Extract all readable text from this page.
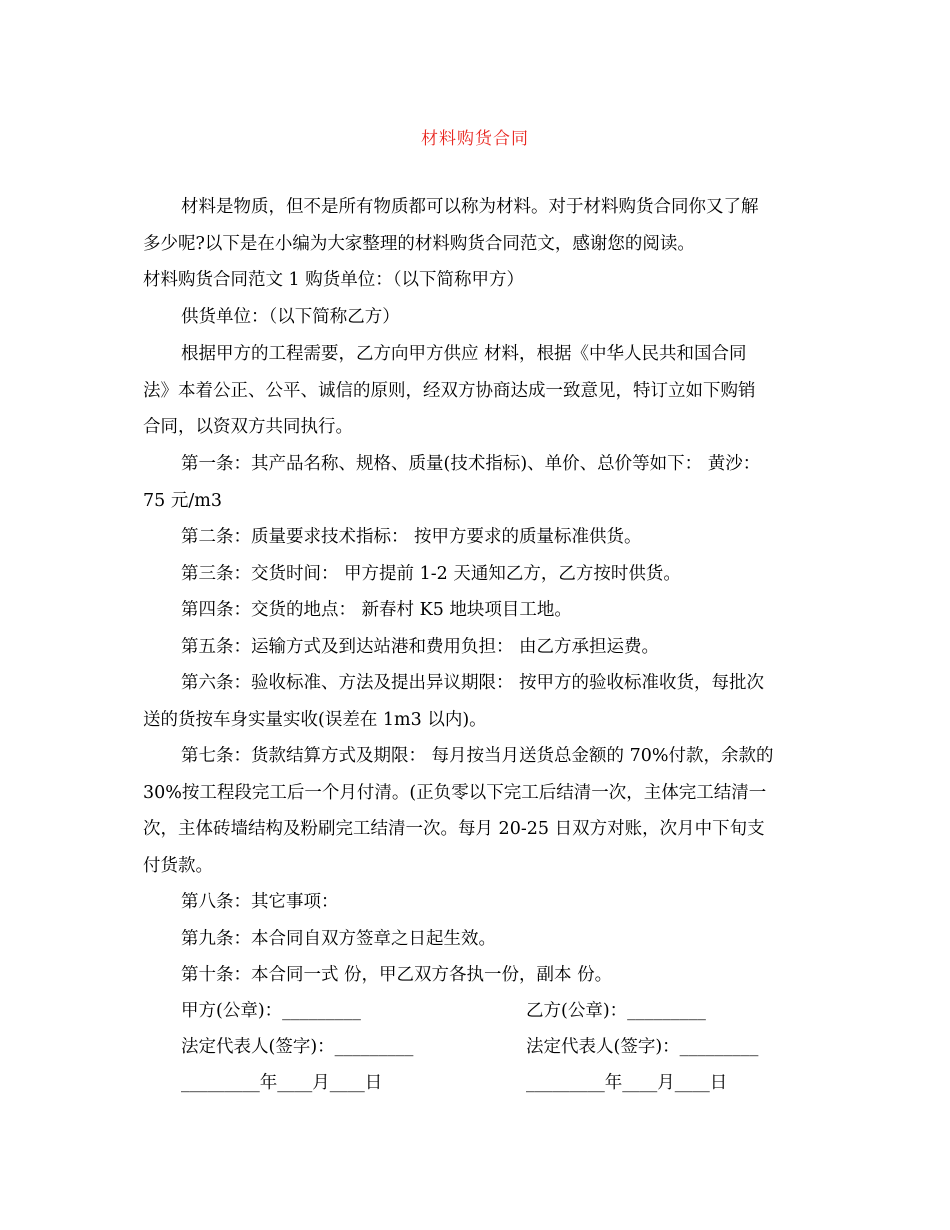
材料购货合同
材料是物质，但不是所有物质都可以称为材料。对于材料购货合同你又了解
多少呢?以下是在小编为大家整理的材料购货合同范文，感谢您的阅读。
材料购货合同范文 1 购货单位：（以下简称甲方）
供货单位：（以下简称乙方）
根据甲方的工程需要，乙方向甲方供应 材料，根据《中华人民共和国合同
法》本着公正、公平、诚信的原则，经双方协商达成一致意见，特订立如下购销
合同，以资双方共同执行。
第一条：其产品名称、规格、质量(技术指标)、单价、总价等如下： 黄沙：
75 元/m3
第二条：质量要求技术指标： 按甲方要求的质量标准供货。
第三条：交货时间： 甲方提前 1-2 天通知乙方，乙方按时供货。
第四条：交货的地点： 新春村 K5 地块项目工地。
第五条：运输方式及到达站港和费用负担： 由乙方承担运费。
第六条：验收标准、方法及提出异议期限： 按甲方的验收标准收货，每批次
送的货按车身实量实收(误差在 1m3 以内)。
第七条：货款结算方式及期限： 每月按当月送货总金额的 70%付款，余款的
30%按工程段完工后一个月付清。(正负零以下完工后结清一次，主体完工结清一
次，主体砖墙结构及粉刷完工结清一次。每月 20-25 日双方对账，次月中下旬支
付货款。
第八条：其它事项：
第九条：本合同自双方签章之日起生效。
第十条：本合同一式 份，甲乙双方各执一份，副本 份。
甲方(公章)：_________	乙方(公章)：_________
法定代表人(签字)：_________	法定代表人(签字)：_________
_________年____月____日	_________年____月____日
